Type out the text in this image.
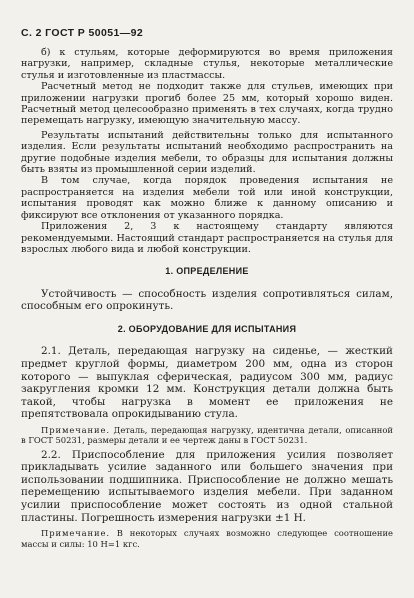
С. 2 ГОСТ Р 50051—92

б) к стульям, которые деформируются во время приложения нагрузки, например, складные стулья, некоторые металлические стулья и изготовленные из пластмассы.

Расчетный метод не подходит также для стульев, имеющих при приложении нагрузки прогиб более 25 мм, который хорошо виден. Расчетный метод целесообразно применять в тех случаях, когда трудно перемещать нагрузку, имеющую значительную массу.

Результаты испытаний действительны только для испытанного изделия. Если результаты испытаний необходимо распространить на другие подобные изделия мебели, то образцы для испытания должны быть взяты из промышленной серии изделий.

В том случае, когда порядок проведения испытания не распространяется на изделия мебели той или иной конструкции, испытания проводят как можно ближе к данному описанию и фиксируют все отклонения от указанного порядка.

Приложения 2, 3 к настоящему стандарту являются рекомендуемыми. Настоящий стандарт распространяется на стулья для взрослых любого вида и любой конструкции.

1. ОПРЕДЕЛЕНИЕ

Устойчивость — способность изделия сопротивляться силам, способным его опрокинуть.

2. ОБОРУДОВАНИЕ ДЛЯ ИСПЫТАНИЯ

2.1. Деталь, передающая нагрузку на сиденье, — жесткий предмет круглой формы, диаметром 200 мм, одна из сторон которого — выпуклая сферическая, радиусом 300 мм, радиус закругления кромки 12 мм. Конструкция детали должна быть такой, чтобы нагрузка в момент ее приложения не препятствовала опрокидыванию стула.

Примечание. Деталь, передающая нагрузку, идентична детали, описанной в ГОСТ 50231, размеры детали и ее чертеж даны в ГОСТ 50231.

2.2. Приспособление для приложения усилия позволяет прикладывать усилие заданного или большего значения при использовании подшипника. Приспособление не должно мешать перемещению испытываемого изделия мебели. При заданном усилии приспособление может состоять из одной стальной пластины. Погрешность измерения нагрузки ±1 Н.

Примечание. В некоторых случаях возможно следующее соотношение массы и силы: 10 Н=1 кгс.
